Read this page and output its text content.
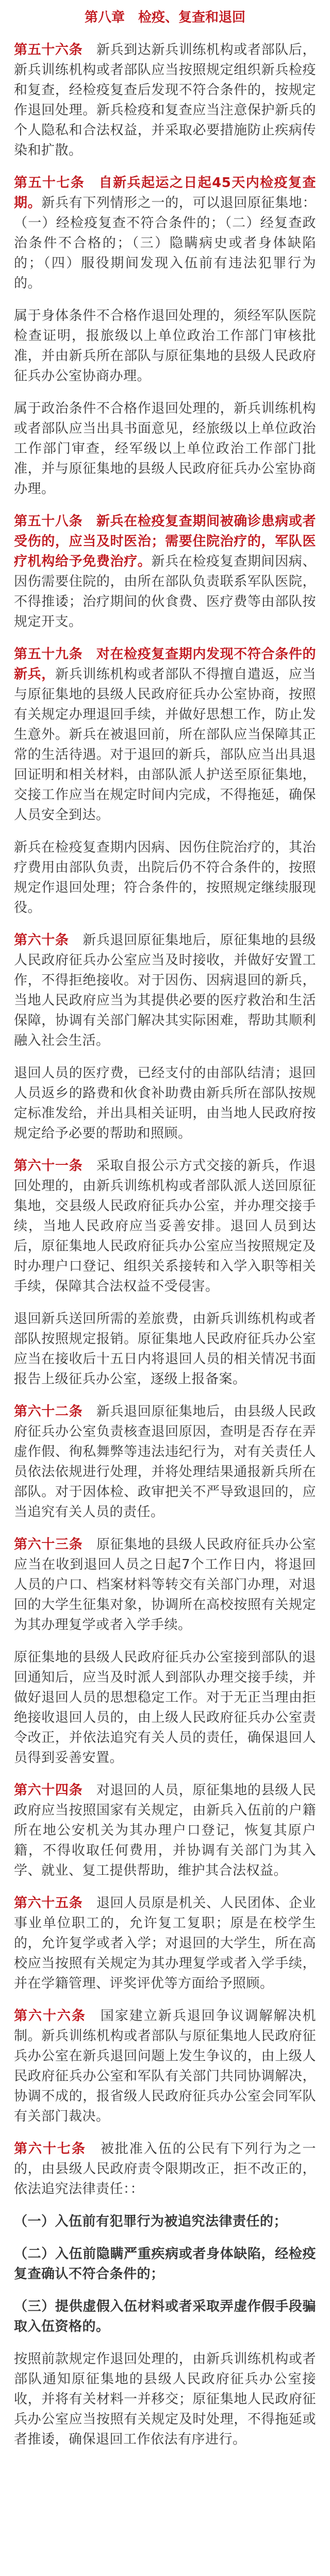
第八章　检疫、复查和退回
第五十六条　 新兵到达新兵训练机构或者部队后，新兵训练机构或者部队应当按照规定组织新兵检疫和复查，经检疫复查后发现不符合条件的，按规定作退回处理。新兵检疫和复查应当注意保护新兵的个人隐私和合法权益，并采取必要措施防止疾病传染和扩散。
第五十七条　 自新兵起运之日起45天内检疫复查期。新兵有下列情形之一的，可以退回原征集地：（一）经检疫复查不符合条件的；（二）经复查政治条件不合格的；（三）隐瞒病史或者身体缺陷的；（四）服役期间发现入伍前有违法犯罪行为的。
属于身体条件不合格作退回处理的，须经军队医院检查证明，报旅级以上单位政治工作部门审核批准，并由新兵所在部队与原征集地的县级人民政府征兵办公室协商办理。
属于政治条件不合格作退回处理的，新兵训练机构或者部队应当出具书面意见，经旅级以上单位政治工作部门审查，经军级以上单位政治工作部门批准，并与原征集地的县级人民政府征兵办公室协商办理。
第五十八条　 新兵在检疫复查期间被确诊患病或者受伤的，应当及时医治；需要住院治疗的，军队医疗机构给予免费治疗。新兵在检疫复查期间因病、因伤需要住院的，由所在部队负责联系军队医院，不得推诿；治疗期间的伙食费、医疗费等由部队按规定开支。
第五十九条　 对在检疫复查期内发现不符合条件的新兵，新兵训练机构或者部队不得擅自遣返，应当与原征集地的县级人民政府征兵办公室协商，按照有关规定办理退回手续，并做好思想工作，防止发生意外。新兵在被退回前，所在部队应当保障其正常的生活待遇。对于退回的新兵，部队应当出具退回证明和相关材料，由部队派人护送至原征集地，交接工作应当在规定时间内完成，不得拖延，确保人员安全到达。
新兵在检疫复查期内因病、因伤住院治疗的，其治疗费用由部队负责，出院后仍不符合条件的，按照规定作退回处理；符合条件的，按照规定继续服现役。
第六十条　 新兵退回原征集地后，原征集地的县级人民政府征兵办公室应当及时接收，并做好安置工作，不得拒绝接收。对于因伤、因病退回的新兵，当地人民政府应当为其提供必要的医疗救治和生活保障，协调有关部门解决其实际困难，帮助其顺利融入社会生活。
退回人员的医疗费，已经支付的由部队结清；退回人员返乡的路费和伙食补助费由新兵所在部队按规定标准发给，并出具相关证明，由当地人民政府按规定给予必要的帮助和照顾。
第六十一条　 采取自报公示方式交接的新兵，作退回处理的，由新兵训练机构或者部队派人送回原征集地，交县级人民政府征兵办公室，并办理交接手续，当地人民政府应当妥善安排。退回人员到达后，原征集地人民政府征兵办公室应当按照规定及时办理户口登记、组织关系接转和入学入职等相关手续，保障其合法权益不受侵害。
退回新兵送回所需的差旅费，由新兵训练机构或者部队按照规定报销。原征集地人民政府征兵办公室应当在接收后十五日内将退回人员的相关情况书面报告上级征兵办公室，逐级上报备案。
第六十二条　 新兵退回原征集地后，由县级人民政府征兵办公室负责核查退回原因，查明是否存在弄虚作假、徇私舞弊等违法违纪行为，对有关责任人员依法依规进行处理，并将处理结果通报新兵所在部队。对于因体检、政审把关不严导致退回的，应当追究有关人员的责任。
第六十三条　 原征集地的县级人民政府征兵办公室应当在收到退回人员之日起7个工作日内，将退回人员的户口、档案材料等转交有关部门办理，对退回的大学生征集对象，协调所在高校按照有关规定为其办理复学或者入学手续。
原征集地的县级人民政府征兵办公室接到部队的退回通知后，应当及时派人到部队办理交接手续，并做好退回人员的思想稳定工作。对于无正当理由拒绝接收退回人员的，由上级人民政府征兵办公室责令改正，并依法追究有关人员的责任，确保退回人员得到妥善安置。
第六十四条　 对退回的人员，原征集地的县级人民政府应当按照国家有关规定，由新兵入伍前的户籍所在地公安机关为其办理户口登记，恢复其原户籍，不得收取任何费用，并协调有关部门为其入学、就业、复工提供帮助，维护其合法权益。
第六十五条　 退回人员原是机关、人民团体、企业事业单位职工的，允许复工复职；原是在校学生的，允许复学或者入学；对退回的大学生，所在高校应当按照有关规定为其办理复学或者入学手续，并在学籍管理、评奖评优等方面给予照顾。
第六十六条　 国家建立新兵退回争议调解解决机制。新兵训练机构或者部队与原征集地人民政府征兵办公室在新兵退回问题上发生争议的，由上级人民政府征兵办公室和军队有关部门共同协调解决，协调不成的，报省级人民政府征兵办公室会同军队有关部门裁决。
第六十七条　 被批准入伍的公民有下列行为之一的，由县级人民政府责令限期改正，拒不改正的，依法追究法律责任：：
（一）入伍前有犯罪行为被追究法律责任的；
（二）入伍前隐瞒严重疾病或者身体缺陷，经检疫复查确认不符合条件的；
（三）提供虚假入伍材料或者采取弄虚作假手段骗取入伍资格的。
按照前款规定作退回处理的，由新兵训练机构或者部队通知原征集地的县级人民政府征兵办公室接收，并将有关材料一并移交；原征集地人民政府征兵办公室应当按照有关规定及时处理，不得拖延或者推诿，确保退回工作依法有序进行。
